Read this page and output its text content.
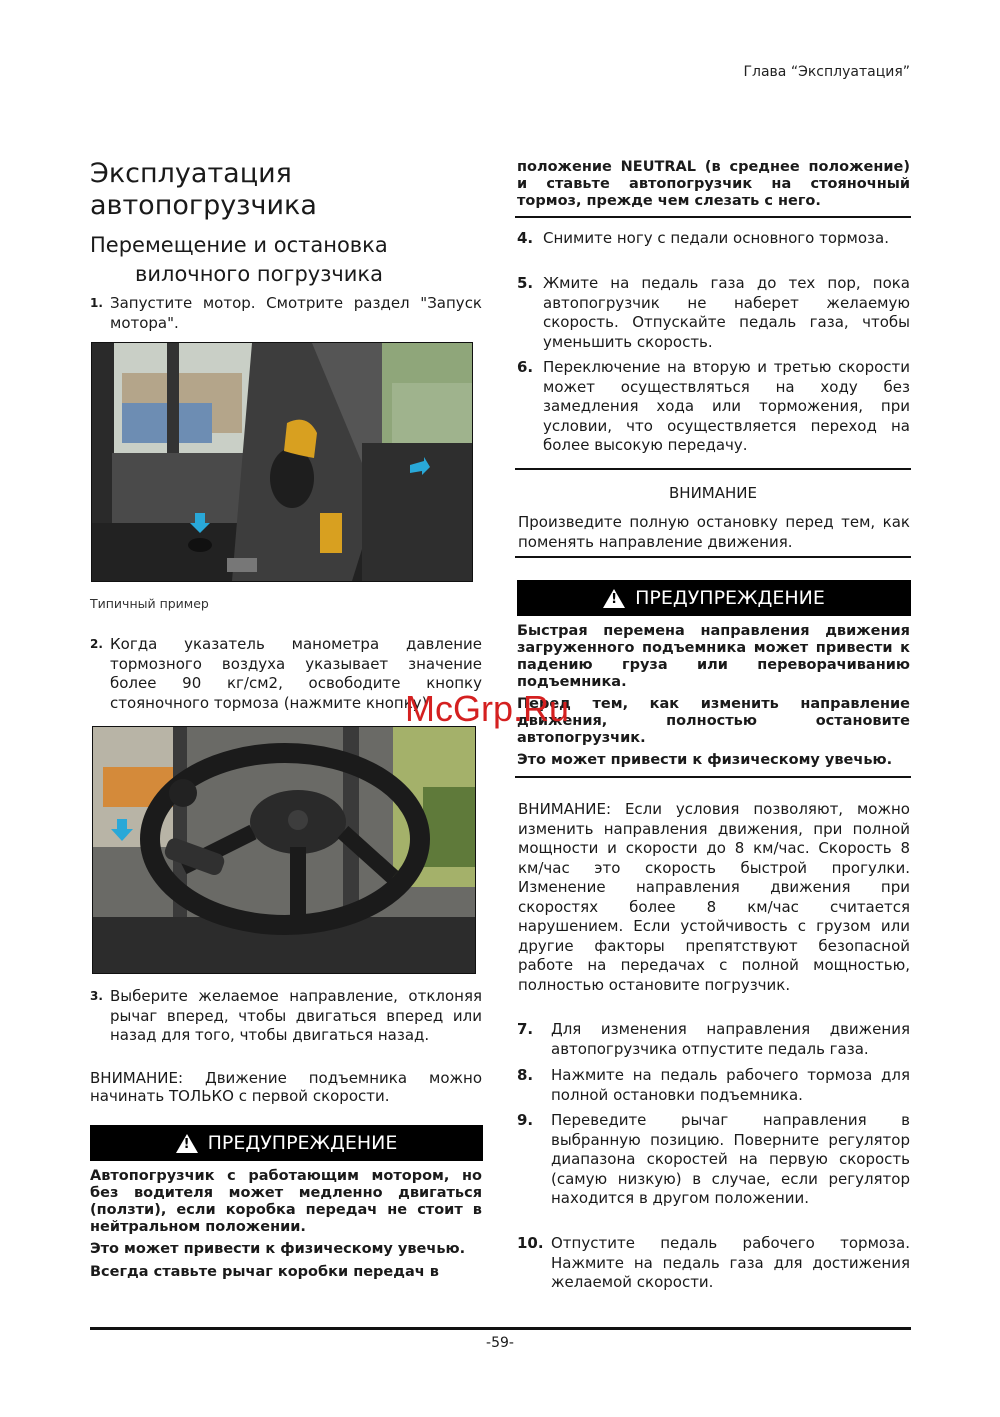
Глава “Эксплуатация”
Эксплуатация
автопогрузчика
Перемещение и остановка
вилочного погрузчика
1. Запустите мотор. Смотрите раздел "Запуск мотора".
Типичный пример
2. Когда указатель манометра давление тормозного воздуха указывает значение более 90 кг/см2, освободите кнопку стояночного тормоза (нажмите кнопку).
3. Выберите желаемое направление, отклоняя рычаг вперед, чтобы двигаться вперед или назад для того, чтобы двигаться назад.
ВНИМАНИЕ: Движение подъемника можно начинать ТОЛЬКО с первой скорости.
!
ПРЕДУПРЕЖДЕНИЕ
Автопогрузчик с работающим мотором, но без водителя может медленно двигаться (ползти), если коробка передач не стоит в нейтральном положении.
Это может привести к физическому увечью.
Всегда ставьте рычаг коробки передач в
положение NEUTRAL (в среднее положение) и ставьте автопогрузчик на стояночный тормоз, прежде чем слезать с него.
4. Снимите ногу с педали основного тормоза.
5. Жмите на педаль газа до тех пор, пока автопогрузчик не наберет желаемую скорость. Отпускайте педаль газа, чтобы уменьшить скорость.
6. Переключение на вторую и третью скорости может осуществляться на ходу без замедления хода или торможения, при условии, что осуществляется переход на более высокую передачу.
ВНИМАНИЕ
Произведите полную остановку перед тем, как поменять направление движения.
!
ПРЕДУПРЕЖДЕНИЕ
Быстрая перемена направления движения загруженного подъемника может привести к падению груза или переворачиванию подъемника.
Перед тем, как изменить направление движения, полностью остановите автопогрузчик.
Это может привести к физическому увечью.
ВНИМАНИЕ: Если условия позволяют, можно изменить направления движения, при полной мощности и скорости до 8 км/час. Скорость 8 км/час это скорость быстрой прогулки. Изменение направления движения при скоростях более 8 км/час считается нарушением. Если устойчивость с грузом или другие факторы препятствуют безопасной работе на передачах с полной мощностью, полностью остановите погрузчик.
7. Для изменения направления движения автопогрузчика отпустите педаль газа.
8. Нажмите на педаль рабочего тормоза для полной остановки подъемника.
9. Переведите рычаг направления в выбранную позицию. Поверните регулятор диапазона скоростей на первую скорость (самую низкую) в случае, если регулятор находится в другом положении.
10. Отпустите педаль рабочего тормоза. Нажмите на педаль газа для достижения желаемой скорости.
McGrp.Ru
-59-
